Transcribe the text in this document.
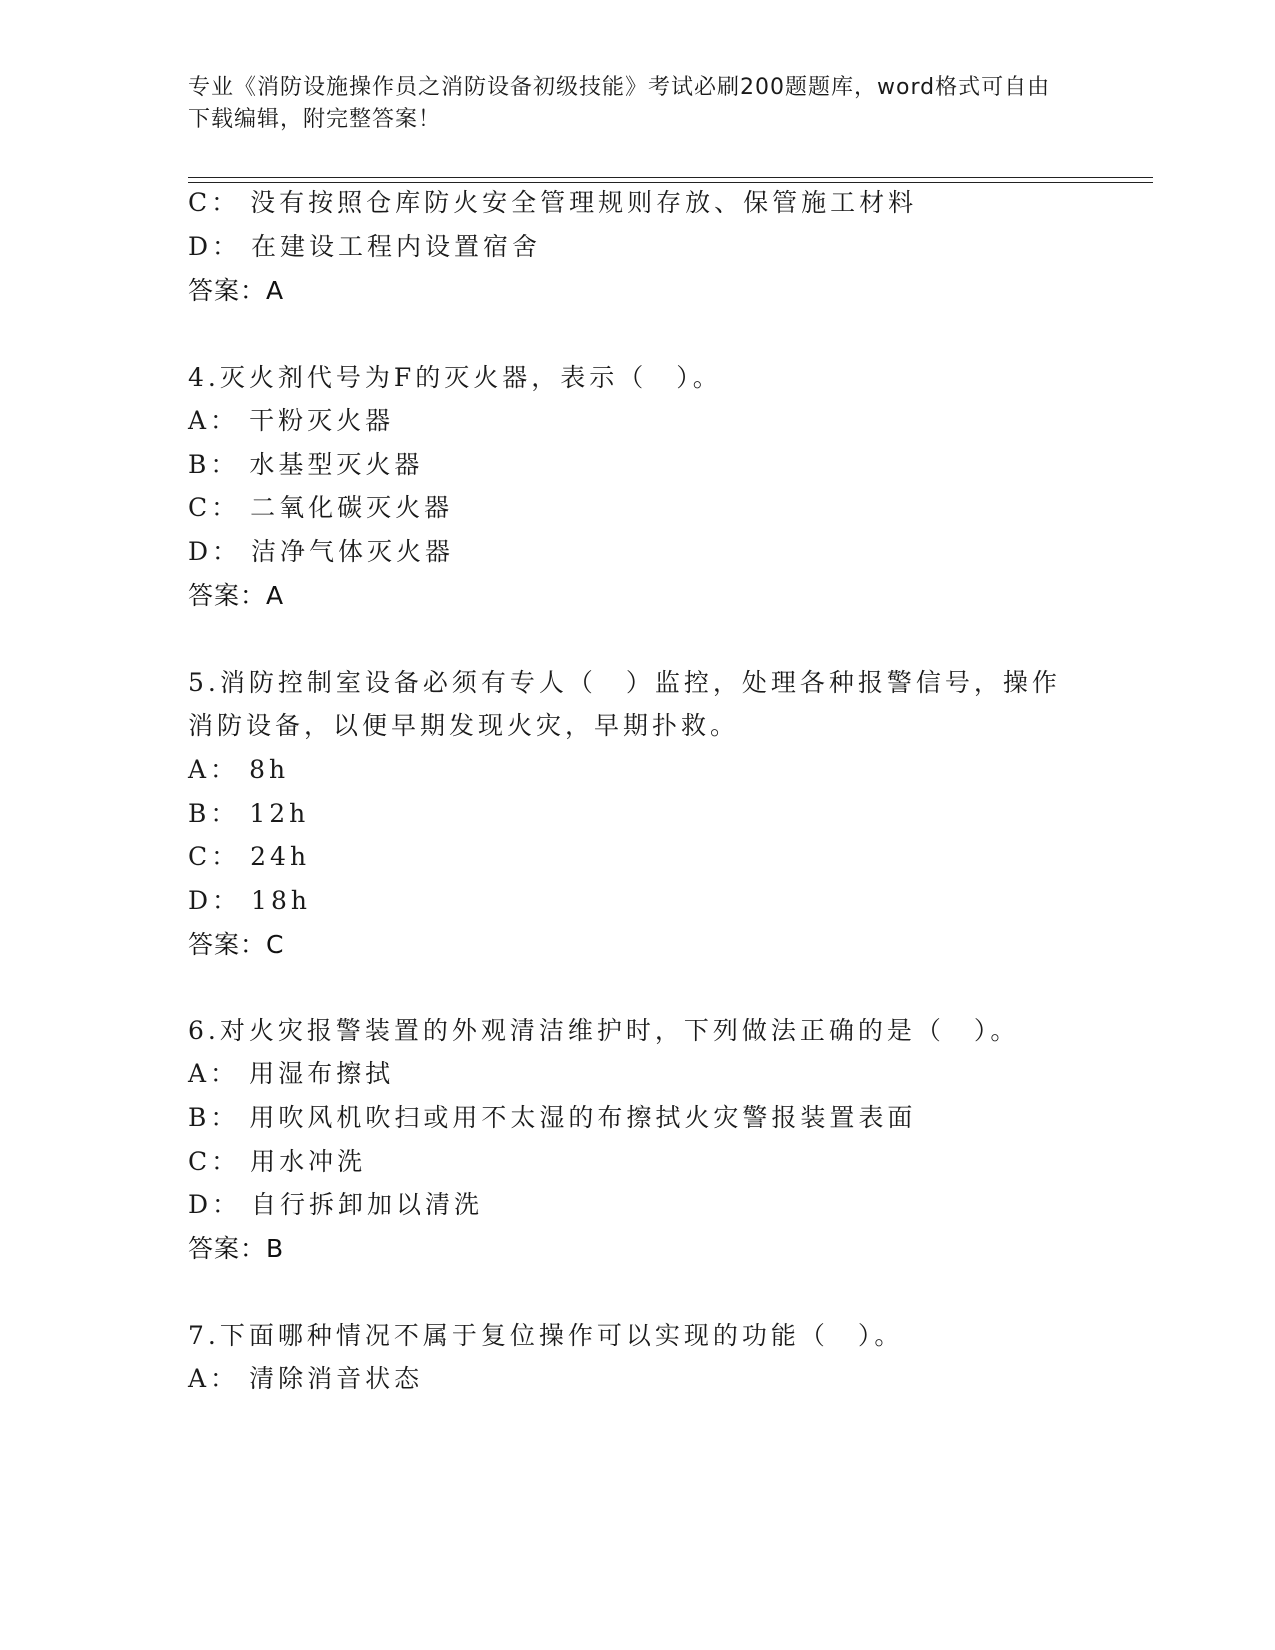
专业《消防设施操作员之消防设备初级技能》考试必刷200题题库，word格式可自由下载编辑，附完整答案！
C： 没有按照仓库防火安全管理规则存放、保管施工材料
D： 在建设工程内设置宿舍
答案：A
4.灭火剂代号为F的灭火器，表示（　）。
A： 干粉灭火器
B： 水基型灭火器
C： 二氧化碳灭火器
D： 洁净气体灭火器
答案：A
5.消防控制室设备必须有专人（　）监控，处理各种报警信号，操作
消防设备，以便早期发现火灾，早期扑救。
A： 8h
B： 12h
C： 24h
D： 18h
答案：C
6.对火灾报警装置的外观清洁维护时，下列做法正确的是（　）。
A： 用湿布擦拭
B： 用吹风机吹扫或用不太湿的布擦拭火灾警报装置表面
C： 用水冲洗
D： 自行拆卸加以清洗
答案：B
7.下面哪种情况不属于复位操作可以实现的功能（　）。
A： 清除消音状态
